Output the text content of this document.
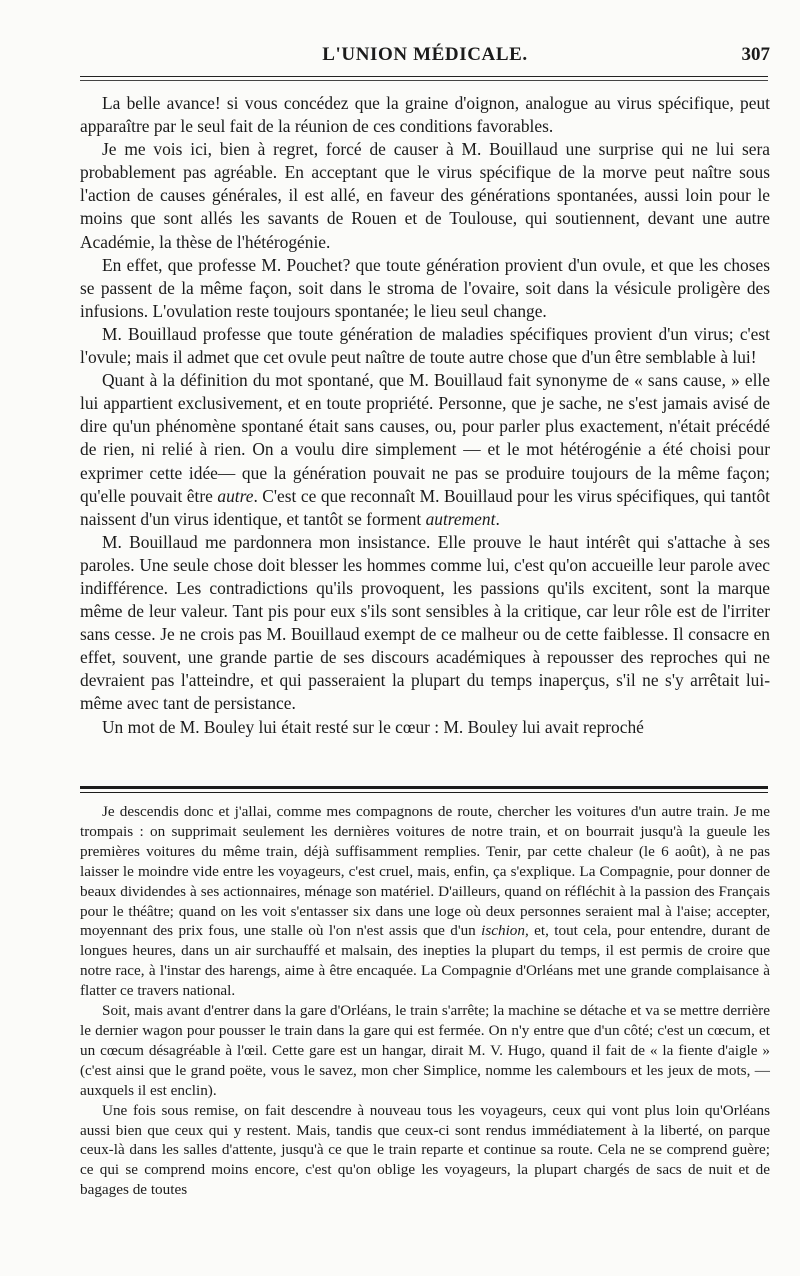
L'UNION MÉDICALE.	307

La belle avance! si vous concédez que la graine d'oignon, analogue au virus spécifique, peut apparaître par le seul fait de la réunion de ces conditions favorables.

Je me vois ici, bien à regret, forcé de causer à M. Bouillaud une surprise qui ne lui sera probablement pas agréable. En acceptant que le virus spécifique de la morve peut naître sous l'action de causes générales, il est allé, en faveur des générations spontanées, aussi loin pour le moins que sont allés les savants de Rouen et de Toulouse, qui soutiennent, devant une autre Académie, la thèse de l'hétérogénie.

En effet, que professe M. Pouchet? que toute génération provient d'un ovule, et que les choses se passent de la même façon, soit dans le stroma de l'ovaire, soit dans la vésicule proligère des infusions. L'ovulation reste toujours spontanée; le lieu seul change.

M. Bouillaud professe que toute génération de maladies spécifiques provient d'un virus; c'est l'ovule; mais il admet que cet ovule peut naître de toute autre chose que d'un être semblable à lui!

Quant à la définition du mot spontané, que M. Bouillaud fait synonyme de « sans cause, » elle lui appartient exclusivement, et en toute propriété. Personne, que je sache, ne s'est jamais avisé de dire qu'un phénomène spontané était sans causes, ou, pour parler plus exactement, n'était précédé de rien, ni relié à rien. On a voulu dire simplement — et le mot hétérogénie a été choisi pour exprimer cette idée— que la génération pouvait ne pas se produire toujours de la même façon; qu'elle pouvait être autre. C'est ce que reconnaît M. Bouillaud pour les virus spécifiques, qui tantôt naissent d'un virus identique, et tantôt se forment autrement.

M. Bouillaud me pardonnera mon insistance. Elle prouve le haut intérêt qui s'attache à ses paroles. Une seule chose doit blesser les hommes comme lui, c'est qu'on accueille leur parole avec indifférence. Les contradictions qu'ils provoquent, les passions qu'ils excitent, sont la marque même de leur valeur. Tant pis pour eux s'ils sont sensibles à la critique, car leur rôle est de l'irriter sans cesse. Je ne crois pas M. Bouillaud exempt de ce malheur ou de cette faiblesse. Il consacre en effet, souvent, une grande partie de ses discours académiques à repousser des reproches qui ne devraient pas l'atteindre, et qui passeraient la plupart du temps inaperçus, s'il ne s'y arrêtait lui-même avec tant de persistance.

Un mot de M. Bouley lui était resté sur le cœur : M. Bouley lui avait reproché

Je descendis donc et j'allai, comme mes compagnons de route, chercher les voitures d'un autre train. Je me trompais : on supprimait seulement les dernières voitures de notre train, et on bourrait jusqu'à la gueule les premières voitures du même train, déjà suffisamment remplies. Tenir, par cette chaleur (le 6 août), à ne pas laisser le moindre vide entre les voyageurs, c'est cruel, mais, enfin, ça s'explique. La Compagnie, pour donner de beaux dividendes à ses actionnaires, ménage son matériel. D'ailleurs, quand on réfléchit à la passion des Français pour le théâtre; quand on les voit s'entasser six dans une loge où deux personnes seraient mal à l'aise; accepter, moyennant des prix fous, une stalle où l'on n'est assis que d'un ischion, et, tout cela, pour entendre, durant de longues heures, dans un air surchauffé et malsain, des inepties la plupart du temps, il est permis de croire que notre race, à l'instar des harengs, aime à être encaquée. La Compagnie d'Orléans met une grande complaisance à flatter ce travers national.

Soit, mais avant d'entrer dans la gare d'Orléans, le train s'arrête; la machine se détache et va se mettre derrière le dernier wagon pour pousser le train dans la gare qui est fermée. On n'y entre que d'un côté; c'est un cœcum, et un cœcum désagréable à l'œil. Cette gare est un hangar, dirait M. V. Hugo, quand il fait de « la fiente d'aigle » (c'est ainsi que le grand poëte, vous le savez, mon cher Simplice, nomme les calembours et les jeux de mots, — auxquels il est enclin).

Une fois sous remise, on fait descendre à nouveau tous les voyageurs, ceux qui vont plus loin qu'Orléans aussi bien que ceux qui y restent. Mais, tandis que ceux-ci sont rendus immédiatement à la liberté, on parque ceux-là dans les salles d'attente, jusqu'à ce que le train reparte et continue sa route. Cela ne se comprend guère; ce qui se comprend moins encore, c'est qu'on oblige les voyageurs, la plupart chargés de sacs de nuit et de bagages de toutes
